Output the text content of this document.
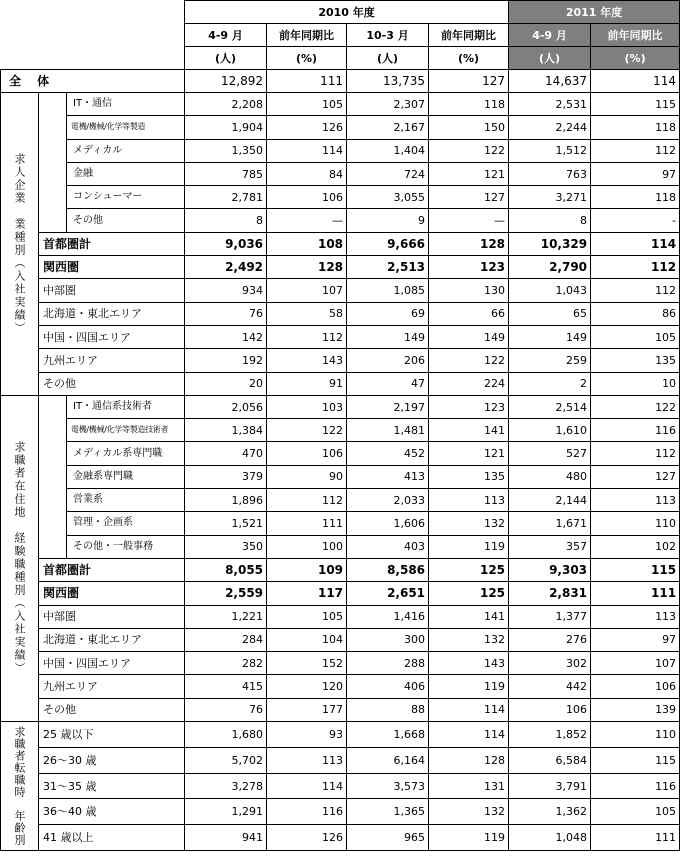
			2010 年度				2011 年度	
			4-9 月	前年同期比	10-3 月	前年同期比	4-9 月	前年同期比
			(人)	(%)	(人)	(%)	(人)	(%)
全 体			12,892	111	13,735	127	14,637	114

求人企業　業種別（入社実績）		IT・通信	2,208	105	2,307	118	2,531	115
		電機/機械/化学等製造	1,904	126	2,167	150	2,244	118
		メディカル	1,350	114	1,404	122	1,512	112
		金融	785	84	724	121	763	97
		コンシューマー	2,781	106	3,055	127	3,271	118
		その他	8	—	9	—	8	-
	首都圏計		9,036	108	9,666	128	10,329	114
	関西圏		2,492	128	2,513	123	2,790	112
	中部圏		934	107	1,085	130	1,043	112
	北海道・東北エリア		76	58	69	66	65	86
	中国・四国エリア		142	112	149	149	149	105
	九州エリア		192	143	206	122	259	135
	その他		20	91	47	224	2	10

求職者在住地　経験職種別（入社実績）		IT・通信系技術者	2,056	103	2,197	123	2,514	122
		電機/機械/化学等製造技術者	1,384	122	1,481	141	1,610	116
		メディカル系専門職	470	106	452	121	527	112
		金融系専門職	379	90	413	135	480	127
		営業系	1,896	112	2,033	113	2,144	113
		管理・企画系	1,521	111	1,606	132	1,671	110
		その他・一般事務	350	100	403	119	357	102
	首都圏計		8,055	109	8,586	125	9,303	115
	関西圏		2,559	117	2,651	125	2,831	111
	中部圏		1,221	105	1,416	141	1,377	113
	北海道・東北エリア		284	104	300	132	276	97
	中国・四国エリア		282	152	288	143	302	107
	九州エリア		415	120	406	119	442	106
	その他		76	177	88	114	106	139

求職者転職時　年齢別	25 歳以下		1,680	93	1,668	114	1,852	110
	26～30 歳		5,702	113	6,164	128	6,584	115
	31～35 歳		3,278	114	3,573	131	3,791	116
	36～40 歳		1,291	116	1,365	132	1,362	105
	41 歳以上		941	126	965	119	1,048	111
